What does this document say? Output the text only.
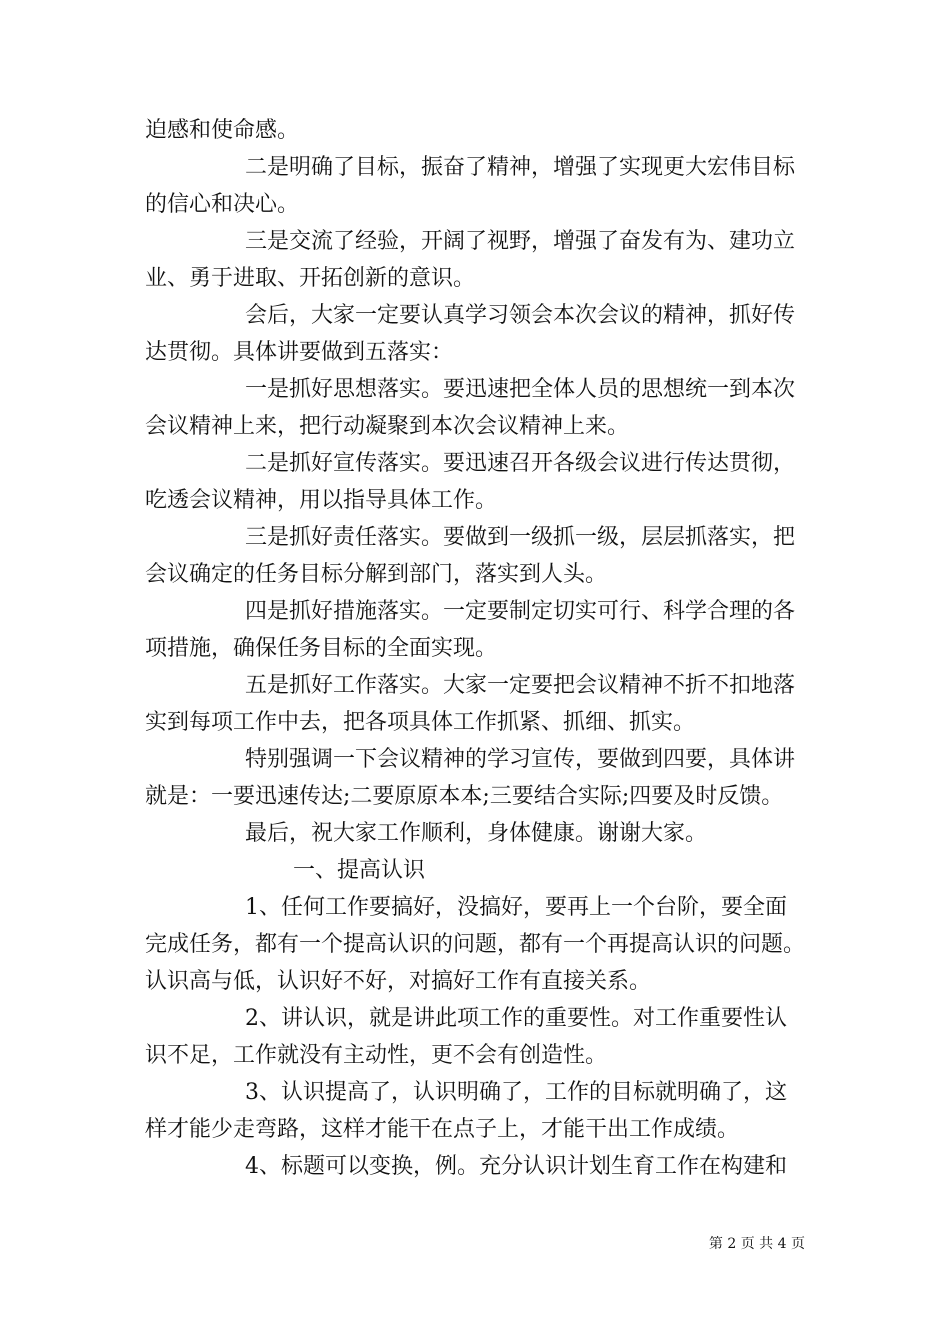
迫感和使命感。

二是明确了目标，振奋了精神，增强了实现更大宏伟目标

的信心和决心。

三是交流了经验，开阔了视野，增强了奋发有为、建功立

业、勇于进取、开拓创新的意识。

会后，大家一定要认真学习领会本次会议的精神，抓好传

达贯彻。具体讲要做到五落实：

一是抓好思想落实。要迅速把全体人员的思想统一到本次

会议精神上来，把行动凝聚到本次会议精神上来。

二是抓好宣传落实。要迅速召开各级会议进行传达贯彻，

吃透会议精神，用以指导具体工作。

三是抓好责任落实。要做到一级抓一级，层层抓落实，把

会议确定的任务目标分解到部门，落实到人头。

四是抓好措施落实。一定要制定切实可行、科学合理的各

项措施，确保任务目标的全面实现。

五是抓好工作落实。大家一定要把会议精神不折不扣地落

实到每项工作中去，把各项具体工作抓紧、抓细、抓实。

特别强调一下会议精神的学习宣传，要做到四要，具体讲

就是：一要迅速传达;二要原原本本;三要结合实际;四要及时反馈。

最后，祝大家工作顺利，身体健康。谢谢大家。

一、提高认识

1、任何工作要搞好，没搞好，要再上一个台阶，要全面

完成任务，都有一个提高认识的问题，都有一个再提高认识的问题。

认识高与低，认识好不好，对搞好工作有直接关系。

2、讲认识，就是讲此项工作的重要性。对工作重要性认

识不足，工作就没有主动性，更不会有创造性。

3、认识提高了，认识明确了，工作的目标就明确了，这

样才能少走弯路，这样才能干在点子上，才能干出工作成绩。

4、标题可以变换，例。充分认识计划生育工作在构建和

第 2 页 共 4 页
